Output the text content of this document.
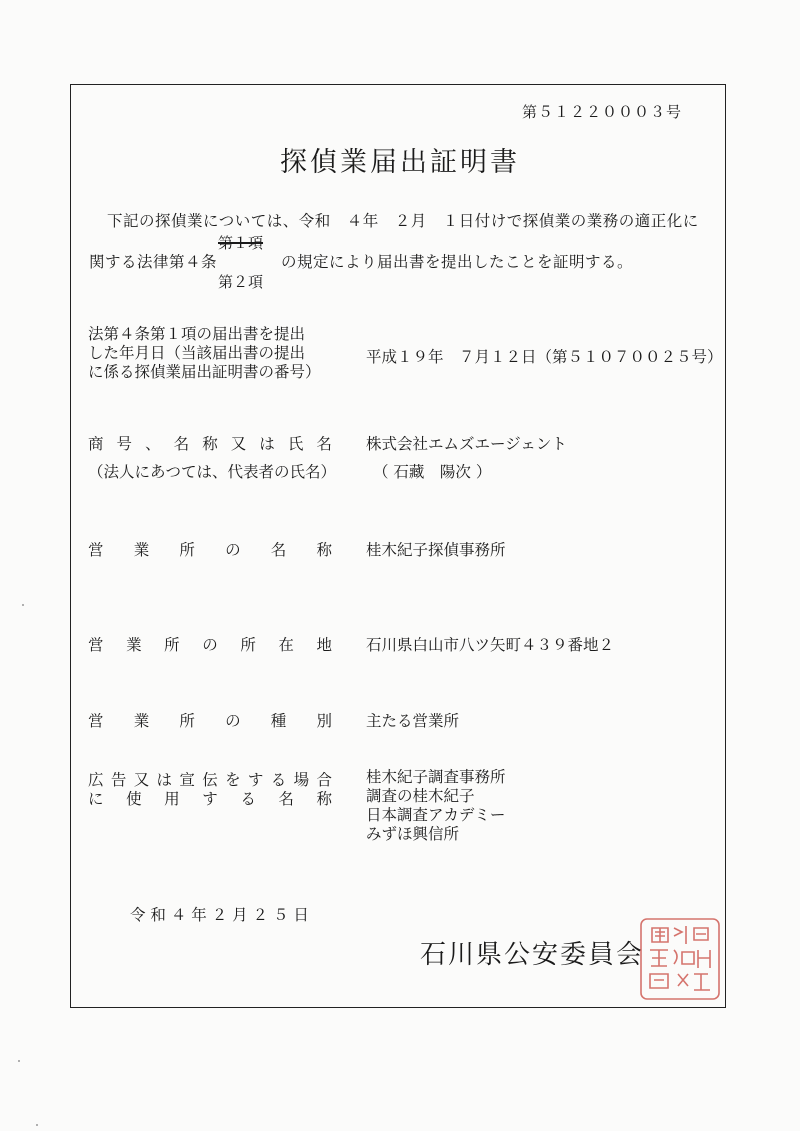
第５１２２０００３号
探偵業届出証明書
下記の探偵業については、令和　４年　２月　１日付けで探偵業の業務の適正化に
関する法律第４条
第１項
の規定により届出書を提出したことを証明する。
第２項
法第４条第１項の届出書を提出
した年月日（当該届出書の提出
に係る探偵業届出証明書の番号）
平成１９年　７月１２日（第５１０７００２５号）
商 号 、 名 称 又 は 氏 名 株式会社エムズエージェント
（法人にあつては、代表者の氏名） （ 石藏　陽次 ）
営 業 所 の 名 称 桂木紀子探偵事務所
営 業 所 の 所 在 地 石川県白山市八ツ矢町４３９番地２
営 業 所 の 種 別 主たる営業所
広 告 又 は 宣 伝 を す る 場 合
に 使 用 す る 名 称
桂木紀子調査事務所
調査の桂木紀子
日本調査アカデミー
みずほ興信所
令 和 ４ 年 ２ 月 ２ ５ 日
石川県公安委員会
